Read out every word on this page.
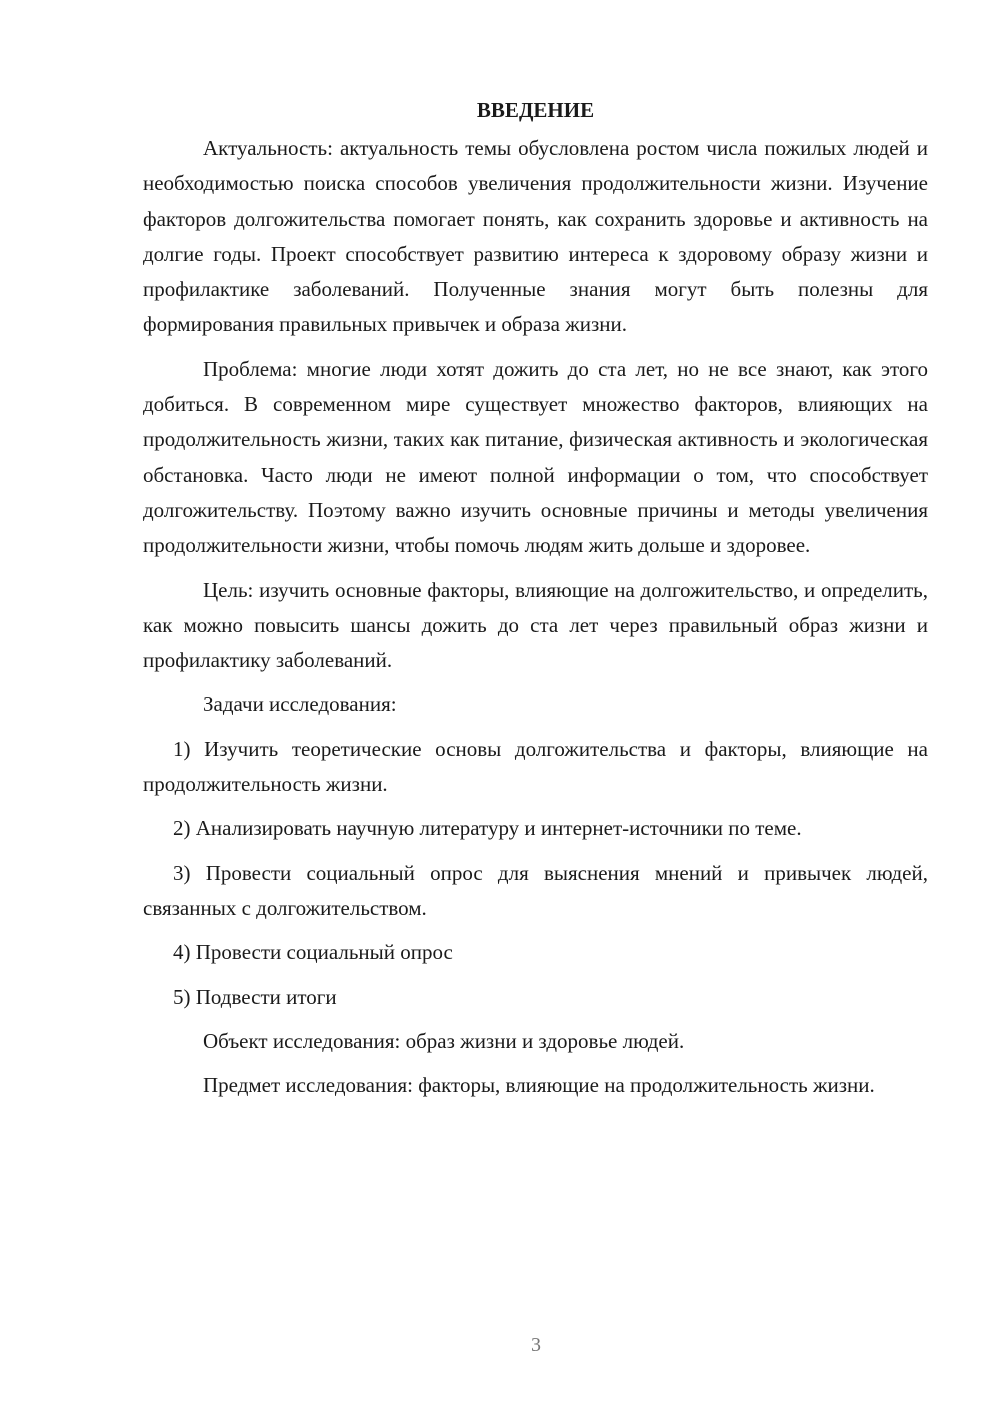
ВВЕДЕНИЕ

Актуальность: актуальность темы обусловлена ростом числа пожилых людей и необходимостью поиска способов увеличения продолжительности жизни. Изучение факторов долгожительства помогает понять, как сохранить здоровье и активность на долгие годы. Проект способствует развитию интереса к здоровому образу жизни и профилактике заболеваний. Полученные знания могут быть полезны для формирования правильных привычек и образа жизни.

Проблема: многие люди хотят дожить до ста лет, но не все знают, как этого добиться. В современном мире существует множество факторов, влияющих на продолжительность жизни, таких как питание, физическая активность и экологическая обстановка. Часто люди не имеют полной информации о том, что способствует долгожительству. Поэтому важно изучить основные причины и методы увеличения продолжительности жизни, чтобы помочь людям жить дольше и здоровее.

Цель: изучить основные факторы, влияющие на долгожительство, и определить, как можно повысить шансы дожить до ста лет через правильный образ жизни и профилактику заболеваний.

Задачи исследования:

1) Изучить теоретические основы долгожительства и факторы, влияющие на продолжительность жизни.

2) Анализировать научную литературу и интернет-источники по теме.

3) Провести социальный опрос для выяснения мнений и привычек людей, связанных с долгожительством.

4) Провести социальный опрос

5) Подвести итоги

Объект исследования: образ жизни и здоровье людей.

Предмет исследования: факторы, влияющие на продолжительность жизни.

3
